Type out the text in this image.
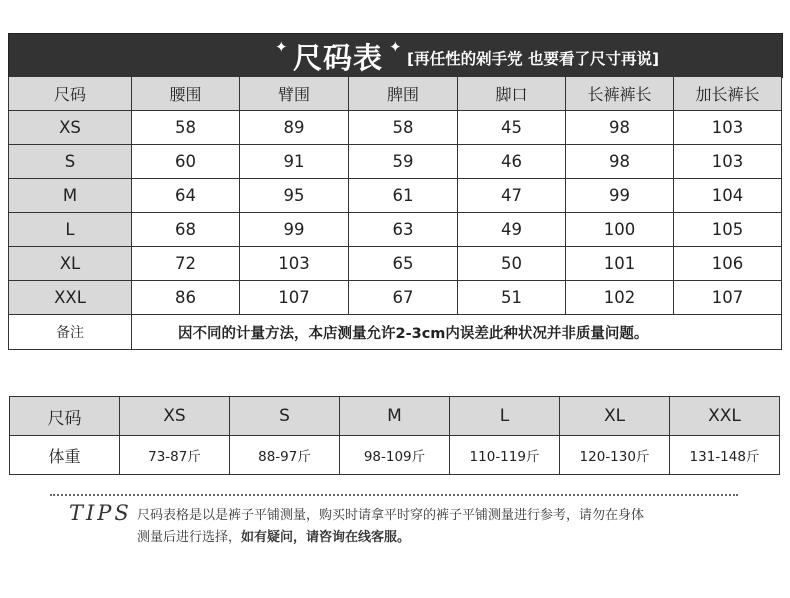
✦ 尺码表 ✦
[再任性的剁手党 也要看了尺寸再说]
尺码	腰围	臂围	脾围	脚口	长裤裤长	加长裤长
XS	58	89	58	45	98	103
S	60	91	59	46	98	103
M	64	95	61	47	99	104
L	68	99	63	49	100	105
XL	72	103	65	50	101	106
XXL	86	107	67	51	102	107
备注	因不同的计量方法，本店测量允许2-3cm内误差此种状况并非质量问题。					
尺码	XS	S	M	L	XL	XXL
体重	73-87斤	88-97斤	98-109斤	110-119斤	120-130斤	131-148斤
TIPS 尺码表格是以是裤子平铺测量，购买时请拿平时穿的裤子平铺测量进行参考，请勿在身体
测量后进行选择，如有疑问，请咨询在线客服。
